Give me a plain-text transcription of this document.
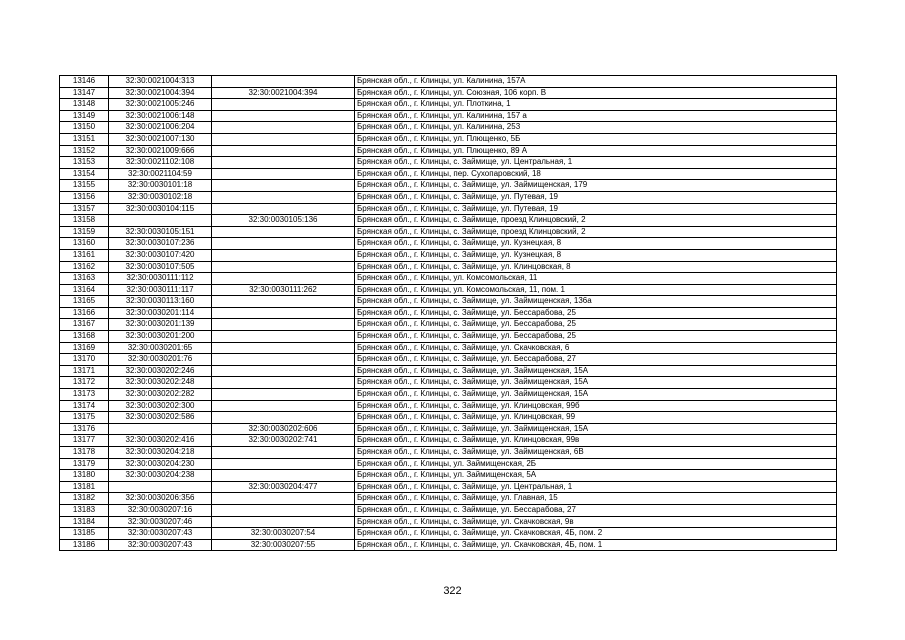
13146	32:30:0021004:313		Брянская обл., г. Клинцы, ул. Калинина, 157А
13147	32:30:0021004:394	32:30:0021004:394	Брянская обл., г. Клинцы, ул. Союзная, 106 корп. В
13148	32:30:0021005:246		Брянская обл., г. Клинцы, ул. Плоткина, 1
13149	32:30:0021006:148		Брянская обл., г. Клинцы, ул. Калинина, 157 а
13150	32:30:0021006:204		Брянская обл., г. Клинцы, ул. Калинина, 253
13151	32:30:0021007:130		Брянская обл., г. Клинцы, ул. Плющенко, 5Б
13152	32:30:0021009:666		Брянская обл., г. Клинцы, ул. Плющенко, 89 А
13153	32:30:0021102:108		Брянская обл., г. Клинцы, с. Займище, ул. Центральная, 1
13154	32:30:0021104:59		Брянская обл., г. Клинцы, пер. Сухопаровский, 18
13155	32:30:0030101:18		Брянская обл., г. Клинцы, с. Займище, ул. Займищенская, 179
13156	32:30:0030102:18		Брянская обл., г. Клинцы, с. Займище, ул. Путевая, 19
13157	32:30:0030104:115		Брянская обл., г. Клинцы, с. Займище, ул. Путевая, 19
13158		32:30:0030105:136	Брянская обл., г. Клинцы, с. Займище, проезд Клинцовский, 2
13159	32:30:0030105:151		Брянская обл., г. Клинцы, с. Займище, проезд Клинцовский, 2
13160	32:30:0030107:236		Брянская обл., г. Клинцы, с. Займище, ул. Кузнецкая, 8
13161	32:30:0030107:420		Брянская обл., г. Клинцы, с. Займище, ул. Кузнецкая, 8
13162	32:30:0030107:505		Брянская обл., г. Клинцы, с. Займище, ул. Клинцовская, 8
13163	32:30:0030111:112		Брянская обл., г. Клинцы, ул. Комсомольская, 11
13164	32:30:0030111:117	32:30:0030111:262	Брянская обл., г. Клинцы, ул. Комсомольская, 11, пом. 1
13165	32:30:0030113:160		Брянская обл., г. Клинцы, с. Займище, ул. Займищенская, 136а
13166	32:30:0030201:114		Брянская обл., г. Клинцы, с. Займище, ул. Бессарабова, 25
13167	32:30:0030201:139		Брянская обл., г. Клинцы, с. Займище, ул. Бессарабова, 25
13168	32:30:0030201:200		Брянская обл., г. Клинцы, с. Займище, ул. Бессарабова, 25
13169	32:30:0030201:65		Брянская обл., г. Клинцы, с. Займище, ул. Скачковская, 6
13170	32:30:0030201:76		Брянская обл., г. Клинцы, с. Займище, ул. Бессарабова, 27
13171	32:30:0030202:246		Брянская обл., г. Клинцы, с. Займище, ул. Займищенская, 15А
13172	32:30:0030202:248		Брянская обл., г. Клинцы, с. Займище, ул. Займищенская, 15А
13173	32:30:0030202:282		Брянская обл., г. Клинцы, с. Займище, ул. Займищенская, 15А
13174	32:30:0030202:300		Брянская обл., г. Клинцы, с. Займище, ул. Клинцовская, 99б
13175	32:30:0030202:586		Брянская обл., г. Клинцы, с. Займище, ул. Клинцовская, 99
13176		32:30:0030202:606	Брянская обл., г. Клинцы, с. Займище, ул. Займищенская, 15А
13177	32:30:0030202:416	32:30:0030202:741	Брянская обл., г. Клинцы, с. Займище, ул. Клинцовская, 99в
13178	32:30:0030204:218		Брянская обл., г. Клинцы, с. Займище, ул. Займищенская, 6В
13179	32:30:0030204:230		Брянская обл., г. Клинцы, ул. Займищенская, 2Б
13180	32:30:0030204:238		Брянская обл., г. Клинцы, ул. Займищенская, 5А
13181		32:30:0030204:477	Брянская обл., г. Клинцы, с. Займище, ул. Центральная, 1
13182	32:30:0030206:356		Брянская обл., г. Клинцы, с. Займище, ул. Главная, 15
13183	32:30:0030207:16		Брянская обл., г. Клинцы, с. Займище, ул. Бессарабова, 27
13184	32:30:0030207:46		Брянская обл., г. Клинцы, с. Займище, ул. Скачковская, 9в
13185	32:30:0030207:43	32:30:0030207:54	Брянская обл., г. Клинцы, с. Займище, ул. Скачковская, 4Б, пом. 2
13186	32:30:0030207:43	32:30:0030207:55	Брянская обл., г. Клинцы, с. Займище, ул. Скачковская, 4Б, пом. 1
322
